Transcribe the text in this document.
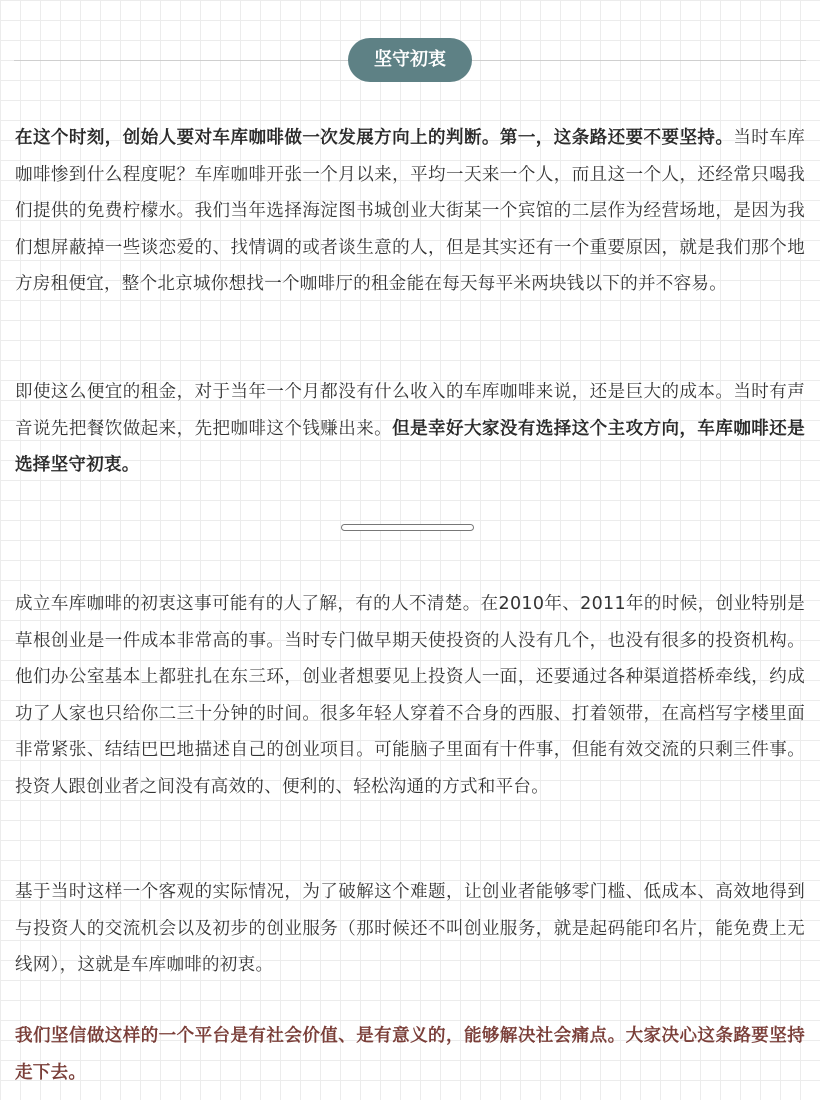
坚守初衷

在这个时刻，创始人要对车库咖啡做一次发展方向上的判断。第一，这条路还要不要坚持。当时车库咖啡惨到什么程度呢？车库咖啡开张一个月以来，平均一天来一个人，而且这一个人，还经常只喝我们提供的免费柠檬水。我们当年选择海淀图书城创业大街某一个宾馆的二层作为经营场地，是因为我们想屏蔽掉一些谈恋爱的、找情调的或者谈生意的人，但是其实还有一个重要原因，就是我们那个地方房租便宜，整个北京城你想找一个咖啡厅的租金能在每天每平米两块钱以下的并不容易。

即使这么便宜的租金，对于当年一个月都没有什么收入的车库咖啡来说，还是巨大的成本。当时有声音说先把餐饮做起来，先把咖啡这个钱赚出来。但是幸好大家没有选择这个主攻方向，车库咖啡还是选择坚守初衷。

成立车库咖啡的初衷这事可能有的人了解，有的人不清楚。在2010年、2011年的时候，创业特别是草根创业是一件成本非常高的事。当时专门做早期天使投资的人没有几个，也没有很多的投资机构。他们办公室基本上都驻扎在东三环，创业者想要见上投资人一面，还要通过各种渠道搭桥牵线，约成功了人家也只给你二三十分钟的时间。很多年轻人穿着不合身的西服、打着领带，在高档写字楼里面非常紧张、结结巴巴地描述自己的创业项目。可能脑子里面有十件事，但能有效交流的只剩三件事。投资人跟创业者之间没有高效的、便利的、轻松沟通的方式和平台。

基于当时这样一个客观的实际情况，为了破解这个难题，让创业者能够零门槛、低成本、高效地得到与投资人的交流机会以及初步的创业服务（那时候还不叫创业服务，就是起码能印名片，能免费上无线网），这就是车库咖啡的初衷。

我们坚信做这样的一个平台是有社会价值、是有意义的，能够解决社会痛点。大家决心这条路要坚持走下去。
